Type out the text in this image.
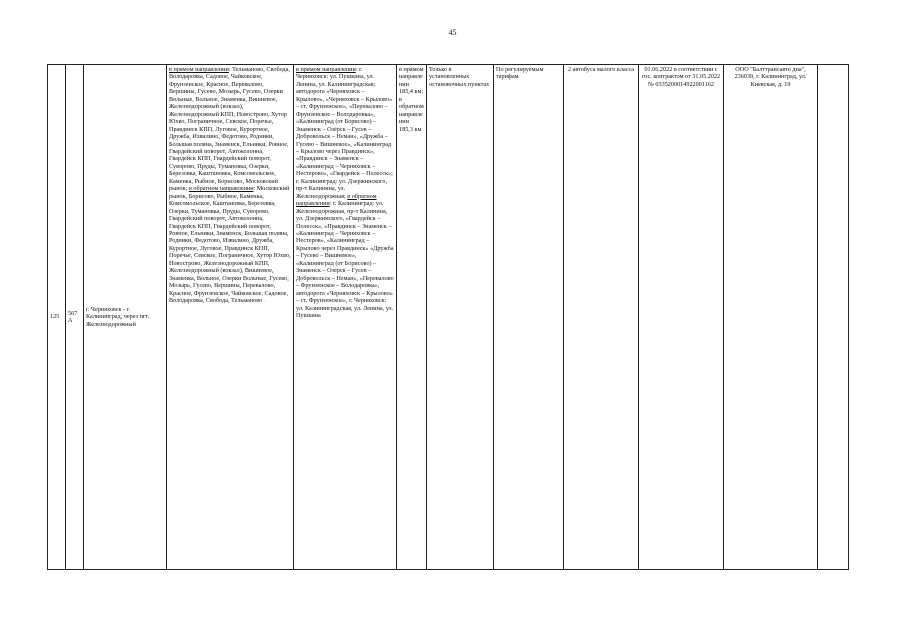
45
125	567 А	г. Черняховск - г. Калининград, через пгт. Железнодорожный	в прямом направлении: Тельманово, Свобода, Володаровка, Садовое, Чайковское, Фрунзенское, Красное, Перевалово, Вершины, Гусево, Мозырь, Гусево, Озерки Вольные, Вольное, Знаменка, Вишневое, Железнодорожный (вокзал), Железнодорожный КПП, Новострово, Хутор Юхво, Пограничное, Севское, Поречье, Правдинск КПП, Луговое, Курортное, Дружба, Извилино, Федотово, Родники, Большая поляна, Знаменск, Ельники, Ровное, Гвардейский поворот, Автоколонна, Гвардейск КПП, Гвардейский поворот, Суворово, Пруды, Тумановка, Озерки, Березовка, Каштановка, Комсомольское, Каменка, Рыбное, Борисово, Московский рынок; в обратном направлении: Московский рынок, Борисово, Рыбное, Каменка, Комсомольское, Каштановка, Березовка, Озерки, Тумановка, Пруды, Суворово, Гвардейский поворот, Автоколонна, Гвардейск КПП, Гвардейский поворот, Ровное, Ельники, Знаменск, Большая поляна, Родники, Федотово, Извилино, Дружба, Курортное, Луговое, Правдинск КПП, Поречье, Севское, Пограничное, Хутор Юхво, Новострово, Железнодорожный КПП, Железнодорожный (вокзал), Вишневое, Знаменка, Вольное, Озерки Вольные, Гусево, Мозырь, Гусево, Вершины, Перевалово, Красное, Фрунзенское, Чайковское, Садовое, Володаровка, Свобода, Тельманово	в прямом направлении: г. Черняховск: ул. Пушкина, ул. Ленина, ул. Калининградская; автодорога «Черняховск – Крылово», «Черняховск – Крылово» – ст. Фрунзенское», «Перевалово – Фрунзенское – Володаровка», «Калининград (от Борисово) – Знаменск – Озёрск – Гусев – Добровольск – Неман», «Дружба – Гусево – Вишневое», «Калининград – Крылово через Правдинск», «Правдинск – Знаменск – «Калининград – Черняховск – Нестерово», «Гвардейск – Полесск»; г. Калининград: ул. Дзержинского, пр-т Калинина, ул. Железнодорожная; в обратном направлении: г. Калининград: ул. Железнодорожная, пр-т Калинина, ул. Дзержинского, «Гвардейск – Полесск», «Правдинск – Знаменск – «Калининград – Черняховск – Нестеров», «Калининград – Крылово через Правдинск» «Дружба – Гусево – Вишневое», «Калининград (от Борисово) – Знаменск – Озёрск – Гусев – Добровольск – Неман», «Перевалово – Фрунзенское – Володаровка», автодорога «Черняховск – Крылово» – ст. Фрунзенское», г. Черняховск: ул. Калининградская, ул. Ленина, ул. Пушкина	в прямом направлении 185,4 км; в обратном направлении 185,3 км	Только в установленных остановочных пунктах	По регулируемым тарифам	2 автобуса малого класса	01.06.2022 в соответствии с гос. контрактом от 31.05.2022 № 0335200014922001162	ООО "Балттрансавто дна", 236039, г. Калининград, ул. Киевская, д. 19	
